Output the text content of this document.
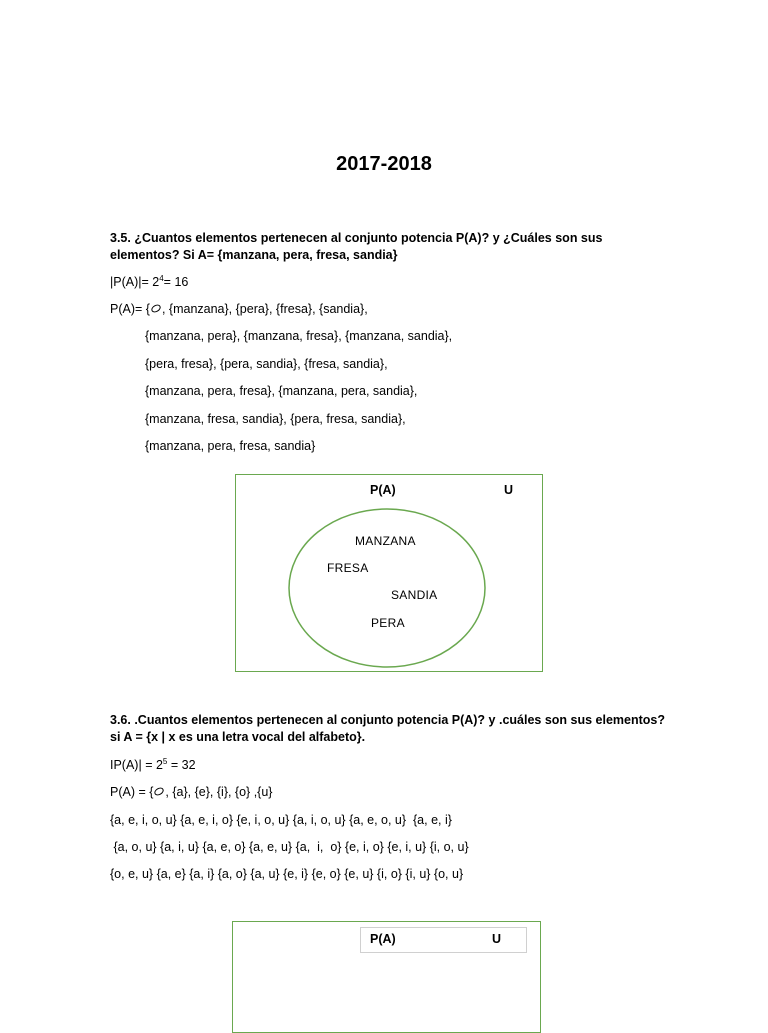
2017-2018
3.5. ¿Cuantos elementos pertenecen al conjunto potencia P(A)? y ¿Cuáles son sus
elementos? Si A= {manzana, pera, fresa, sandia}
$|P(A)|= 2^4= 16$
P(A)= { , {manzana}, {pera}, {fresa}, {sandia},
{manzana, pera}, {manzana, fresa}, {manzana, sandia},
{pera, fresa}, {pera, sandia}, {fresa, sandia},
{manzana, pera, fresa}, {manzana, pera, sandia},
{manzana, fresa, sandia}, {pera, fresa, sandia},
{manzana, pera, fresa, sandia}
P(A)	U
MANZANA
FRESA
SANDIA
PERA
3.6. .Cuantos elementos pertenecen al conjunto potencia P(A)? y .cuáles son sus elementos?
si A = {x | x es una letra vocal del alfabeto}.
$IP(A)| = 2^5 = 32$
P(A) = { , {a}, {e}, {i}, {o} ,{u}
{a, e, i, o, u} {a, e, i, o} {e, i, o, u} {a, i, o, u} {a, e, o, u}  {a, e, i}
{a, o, u} {a, i, u} {a, e, o} {a, e, u} {a,  i,  o} {e, i, o} {e, i, u} {i, o, u}
{o, e, u} {a, e} {a, i} {a, o} {a, u} {e, i} {e, o} {e, u} {i, o} {i, u} {o, u}
P(A)	U
